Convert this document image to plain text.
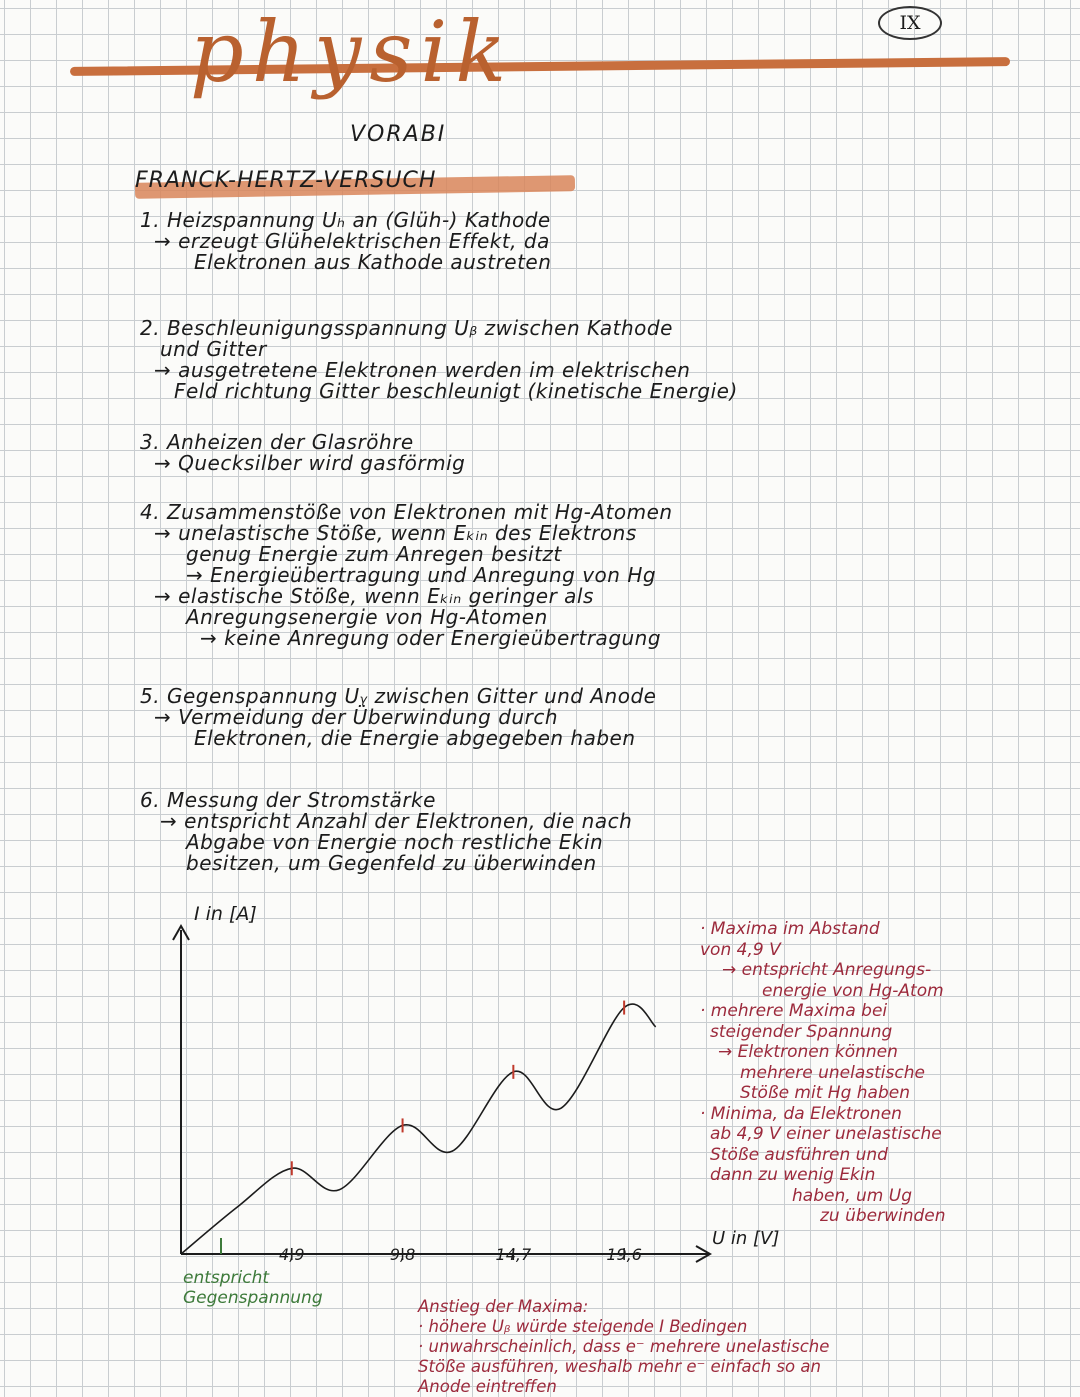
physik	IX
VORABI
FRANCK-HERTZ-VERSUCH
1. Heizspannung Uₕ an (Glüh-) Kathode
→ erzeugt Glühelektrischen Effekt, da
Elektronen aus Kathode austreten
2. Beschleunigungsspannung Uᵦ zwischen Kathode
und Gitter
→ ausgetretene Elektronen werden im elektrischen
Feld richtung Gitter beschleunigt (kinetische Energie)
3. Anheizen der Glasröhre
→ Quecksilber wird gasförmig
4. Zusammenstöße von Elektronen mit Hg-Atomen
→ unelastische Stöße, wenn Eₖᵢₙ des Elektrons
genug Energie zum Anregen besitzt
→ Energieübertragung und Anregung von Hg
→ elastische Stöße, wenn Eₖᵢₙ geringer als
Anregungsenergie von Hg-Atomen
→ keine Anregung oder Energieübertragung
5. Gegenspannung Uᵧ zwischen Gitter und Anode
→ Vermeidung der Überwindung durch
Elektronen, die Energie abgegeben haben
6. Messung der Stromstärke
→ entspricht Anzahl der Elektronen, die nach
Abgabe von Energie noch restliche Ekin
besitzen, um Gegenfeld zu überwinden
I in [A]
U in [V]
4,9	9,8	14,7	19,6
· Maxima im Abstand
von 4,9 V
→ entspricht Anregungs-
energie von Hg-Atom
· mehrere Maxima bei
steigender Spannung
→ Elektronen können
mehrere unelastische
Stöße mit Hg haben
· Minima, da Elektronen
ab 4,9 V einer unelastische
Stöße ausführen und
dann zu wenig Ekin
haben, um Ug
zu überwinden
entspricht
Gegenspannung	Anstieg der Maxima:
· höhere Uᵦ würde steigende I Bedingen
· unwahrscheinlich, dass e⁻ mehrere unelastische
Stöße ausführen, weshalb mehr e⁻ einfach so an
Anode eintreffen
